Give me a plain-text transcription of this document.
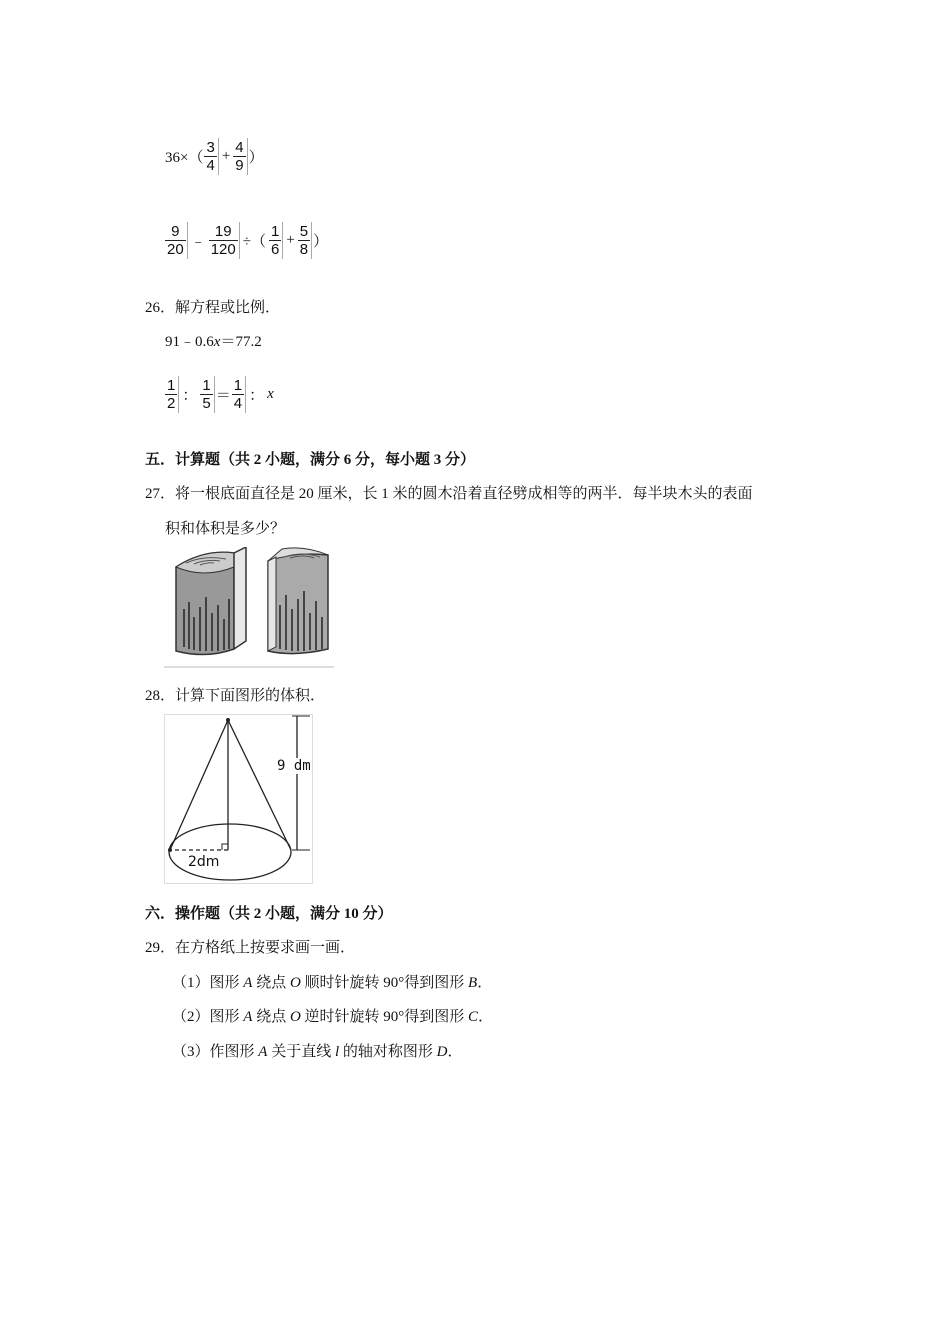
$36\times( \frac{3}{4} + \frac{4}{9}$ ）
$\frac{9}{20}$ ﹣ $\frac{19}{120}$ ÷（ $\frac{1}{6} + \frac{5}{8}$ ）
26．解方程或比例．
91﹣0.6x＝77.2
$\frac{1}{2}$ ： $\frac{1}{5} = \frac{1}{4}$ ： x
五．计算题（共 2 小题，满分 6 分，每小题 3 分）
27．将一根底面直径是 20 厘米，长 1 米的圆木沿着直径劈成相等的两半．每半块木头的表面
积和体积是多少？
28．计算下面图形的体积．
9 dm
2dm
六．操作题（共 2 小题，满分 10 分）
29．在方格纸上按要求画一画．
（1）图形 A 绕点 O 顺时针旋转 90°得到图形 B．
（2）图形 A 绕点 O 逆时针旋转 90°得到图形 C．
（3）作图形 A 关于直线 l 的轴对称图形 D．
